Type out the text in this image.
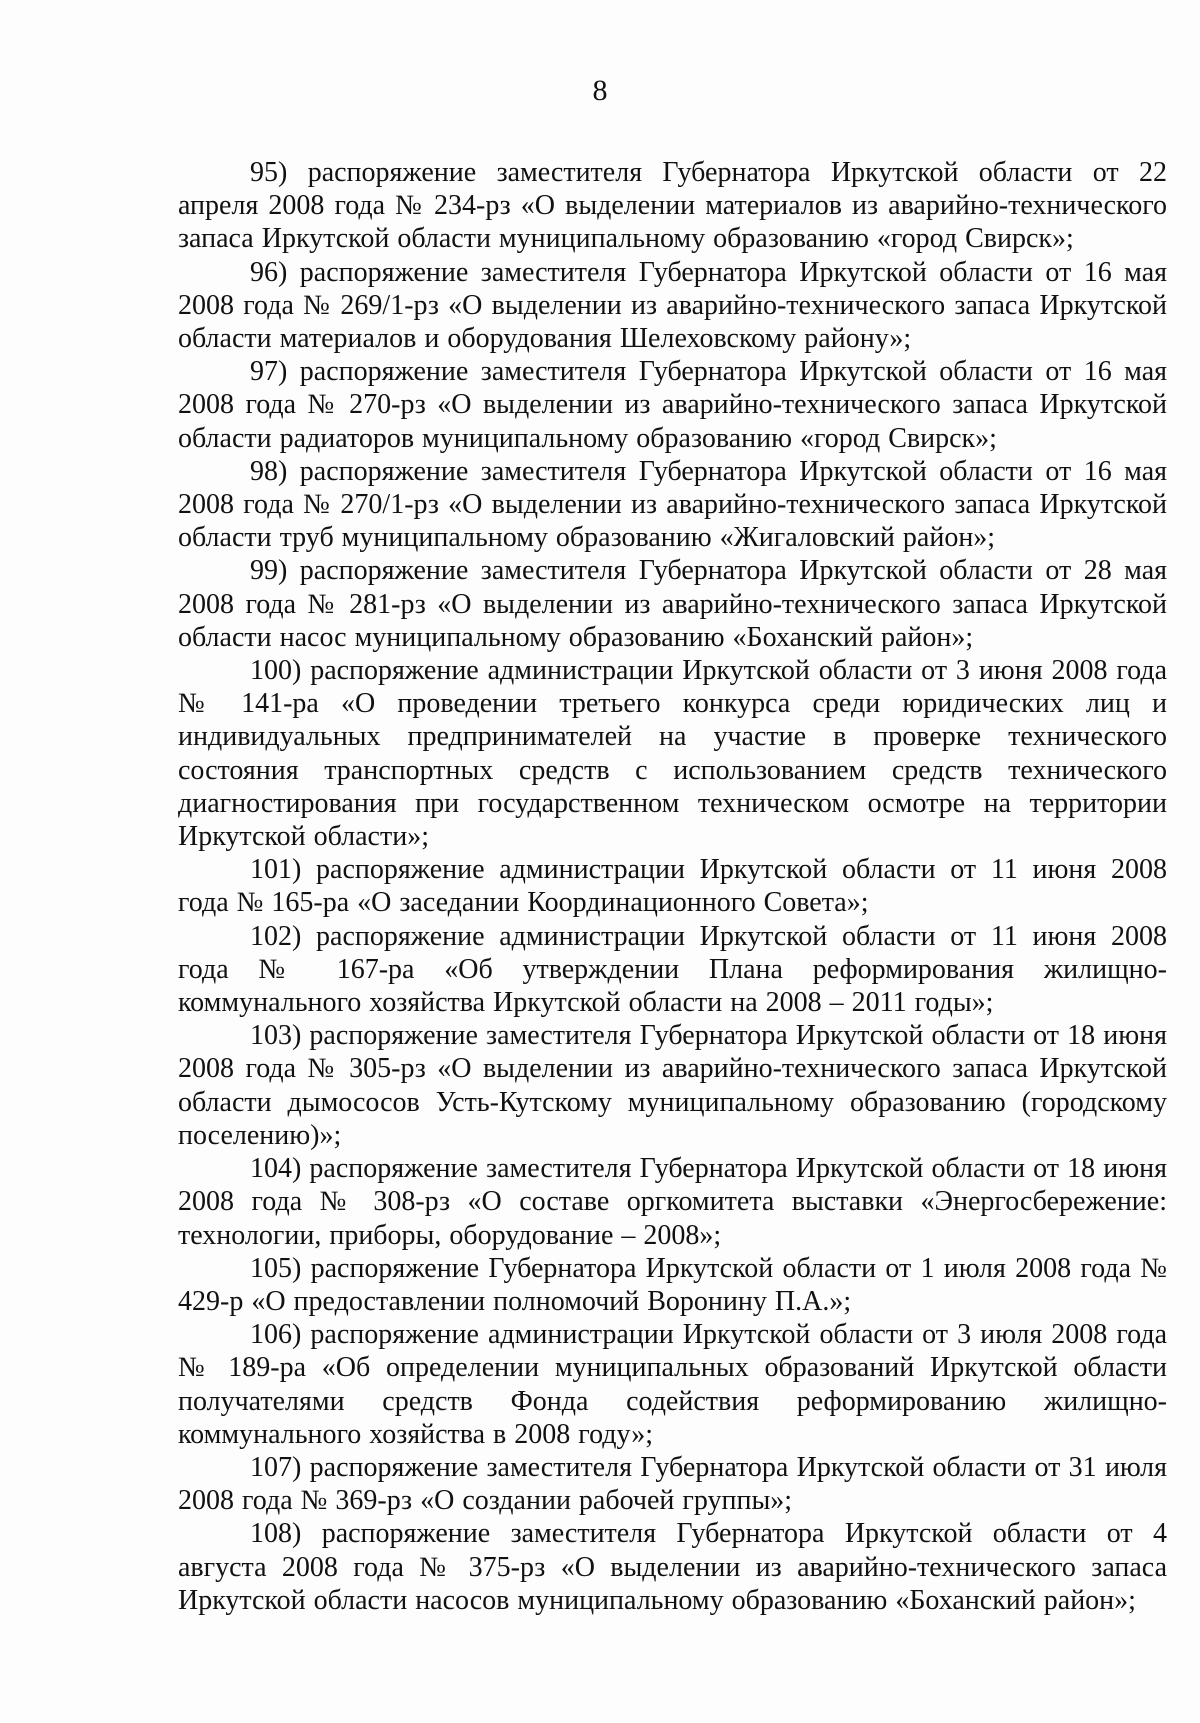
8

95) распоряжение заместителя Губернатора Иркутской области от 22 апреля 2008 года № 234-рз «О выделении материалов из аварийно-технического запаса Иркутской области муниципальному образованию «город Свирск»;

96) распоряжение заместителя Губернатора Иркутской области от 16 мая 2008 года № 269/1-рз «О выделении из аварийно-технического запаса Иркутской области материалов и оборудования Шелеховскому району»;

97) распоряжение заместителя Губернатора Иркутской области от 16 мая 2008 года № 270-рз «О выделении из аварийно-технического запаса Иркутской области радиаторов муниципальному образованию «город Свирск»;

98) распоряжение заместителя Губернатора Иркутской области от 16 мая 2008 года № 270/1-рз «О выделении из аварийно-технического запаса Иркутской области труб муниципальному образованию «Жигаловский район»;

99) распоряжение заместителя Губернатора Иркутской области от 28 мая 2008 года № 281-рз «О выделении из аварийно-технического запаса Иркутской области насос муниципальному образованию «Боханский район»;

100) распоряжение администрации Иркутской области от 3 июня 2008 года № 141-ра «О проведении третьего конкурса среди юридических лиц и индивидуальных предпринимателей на участие в проверке технического состояния транспортных средств с использованием средств технического диагностирования при государственном техническом осмотре на территории Иркутской области»;

101) распоряжение администрации Иркутской области от 11 июня 2008 года № 165-ра «О заседании Координационного Совета»;

102) распоряжение администрации Иркутской области от 11 июня 2008 года № 167-ра «Об утверждении Плана реформирования жилищно-коммунального хозяйства Иркутской области на 2008 – 2011 годы»;

103) распоряжение заместителя Губернатора Иркутской области от 18 июня 2008 года № 305-рз «О выделении из аварийно-технического запаса Иркутской области дымососов Усть-Кутскому муниципальному образованию (городскому поселению)»;

104) распоряжение заместителя Губернатора Иркутской области от 18 июня 2008 года № 308-рз «О составе оргкомитета выставки «Энергосбережение: технологии, приборы, оборудование – 2008»;

105) распоряжение Губернатора Иркутской области от 1 июля 2008 года № 429-р «О предоставлении полномочий Воронину П.А.»;

106) распоряжение администрации Иркутской области от 3 июля 2008 года № 189-ра «Об определении муниципальных образований Иркутской области получателями средств Фонда содействия реформированию жилищно-коммунального хозяйства в 2008 году»;

107) распоряжение заместителя Губернатора Иркутской области от 31 июля 2008 года № 369-рз «О создании рабочей группы»;

108) распоряжение заместителя Губернатора Иркутской области от 4 августа 2008 года № 375-рз «О выделении из аварийно-технического запаса Иркутской области насосов муниципальному образованию «Боханский район»;
